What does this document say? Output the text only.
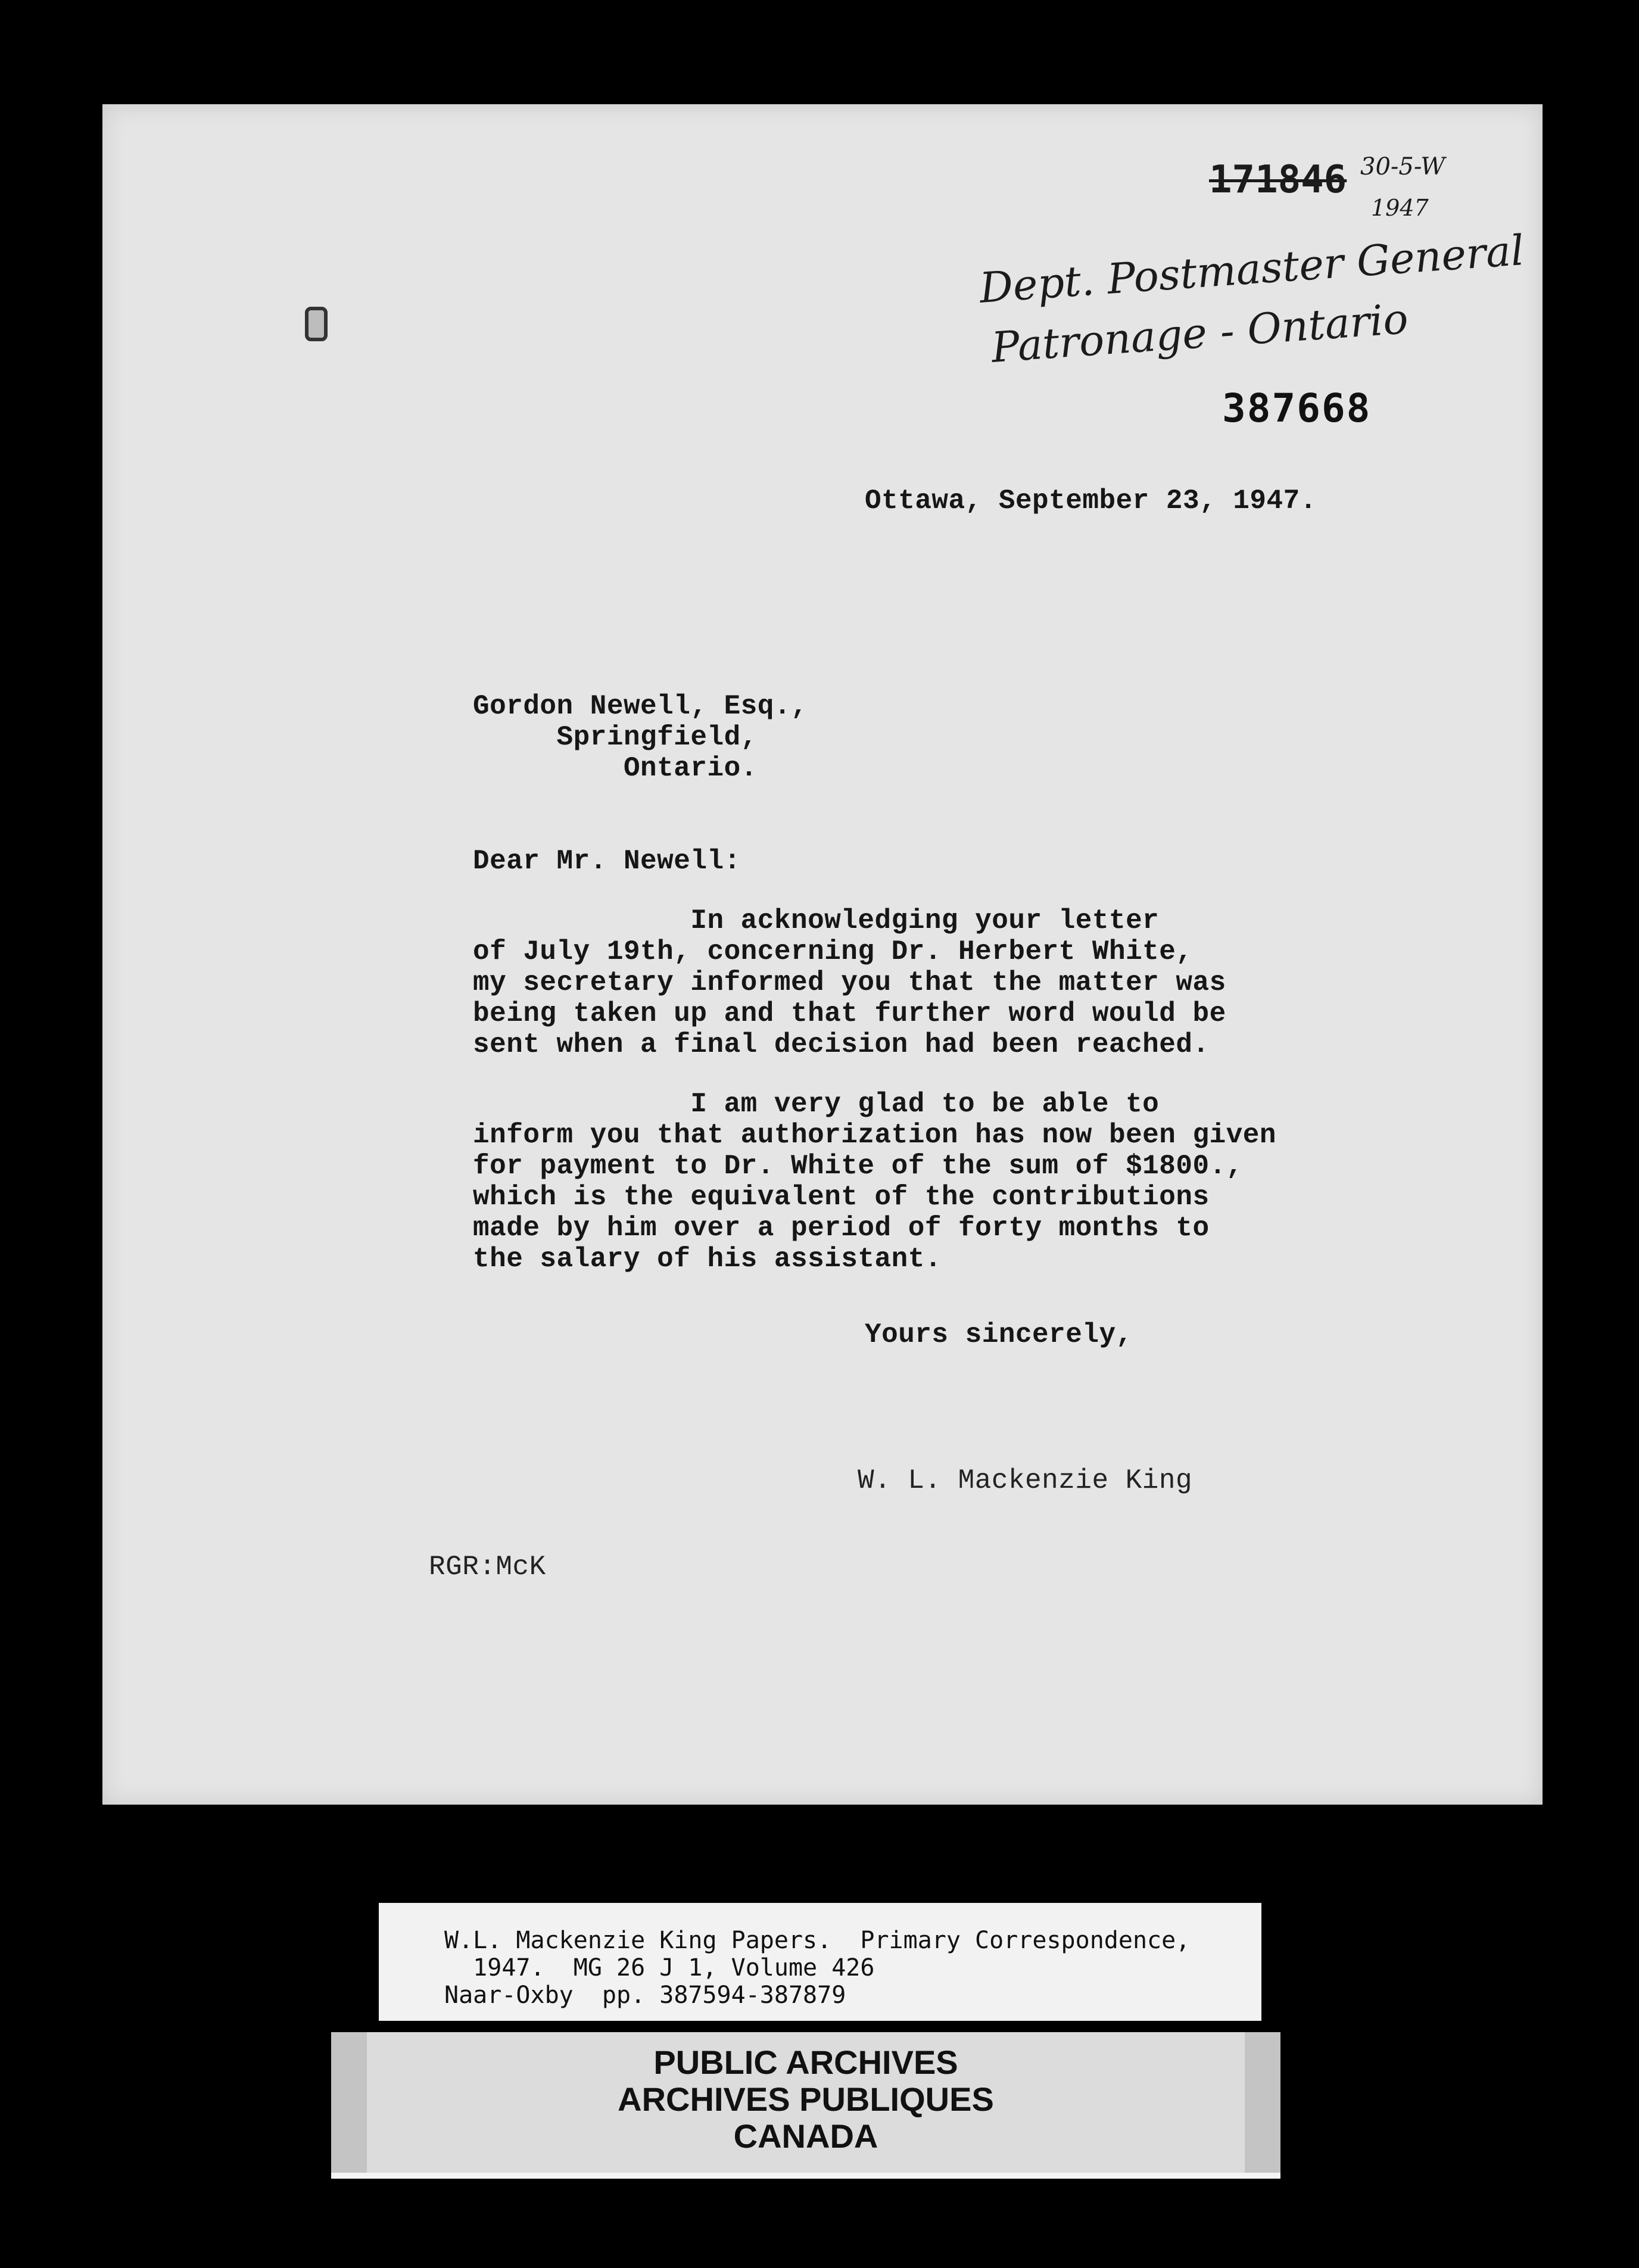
171846 30-5-W
1947
Dept. Postmaster General
Patronage - Ontario
387668

Ottawa, September 23, 1947.

Gordon Newell, Esq.,

Springfield,

Ontario.

Dear Mr. Newell:

In acknowledging your letter

of July 19th, concerning Dr. Herbert White,

my secretary informed you that the matter was

being taken up and that further word would be

sent when a final decision had been reached.

I am very glad to be able to

inform you that authorization has now been given

for payment to Dr. White of the sum of $1800.,

which is the equivalent of the contributions

made by him over a period of forty months to

the salary of his assistant.

Yours sincerely,

W. L. Mackenzie King

RGR:McK

W.L. Mackenzie King Papers.  Primary Correspondence,

1947.  MG 26 J 1, Volume 426

Naar-Oxby  pp. 387594-387879

PUBLIC ARCHIVES
ARCHIVES PUBLIQUES
CANADA
